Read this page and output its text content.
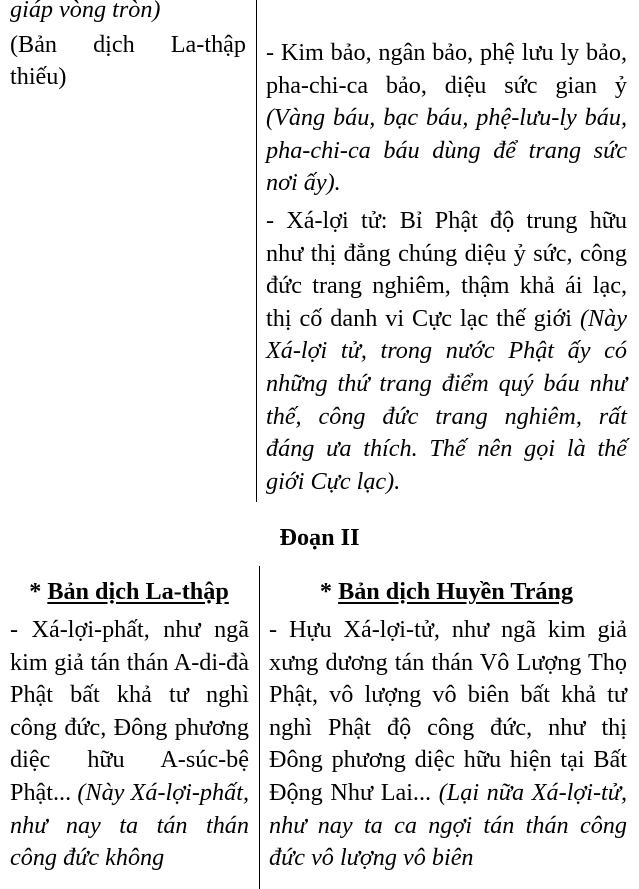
giáp vòng tròn)

(Bản dịch La-thập thiếu)

- Kim bảo, ngân bảo, phệ lưu ly bảo, pha-chi-ca bảo, diệu sức gian ỷ (Vàng báu, bạc báu, phệ-lưu-ly báu, pha-chi-ca báu dùng để trang sức nơi ấy).

- Xá-lợi tử: Bỉ Phật độ trung hữu như thị đẳng chúng diệu ỷ sức, công đức trang nghiêm, thậm khả ái lạc, thị cố danh vi Cực lạc thế giới (Này Xá-lợi tử, trong nước Phật ấy có những thứ trang điểm quý báu như thế, công đức trang nghiêm, rất đáng ưa thích. Thế nên gọi là thế giới Cực lạc).

Đoạn II
* Bản dịch La-thập	* Bản dịch Huyền Tráng

- Xá-lợi-phất, như ngã kim giả tán thán A-di-đà Phật bất khả tư nghì công đức, Đông phương diệc hữu A-súc-bệ Phật... (Này Xá-lợi-phất, như nay ta tán thán công đức không

- Hựu Xá-lợi-tử, như ngã kim giả xưng dương tán thán Vô Lượng Thọ Phật, vô lượng vô biên bất khả tư nghì Phật độ công đức, như thị Đông phương diệc hữu hiện tại Bất Động Như Lai... (Lại nữa Xá-lợi-tử, như nay ta ca ngợi tán thán công đức vô lượng vô biên
